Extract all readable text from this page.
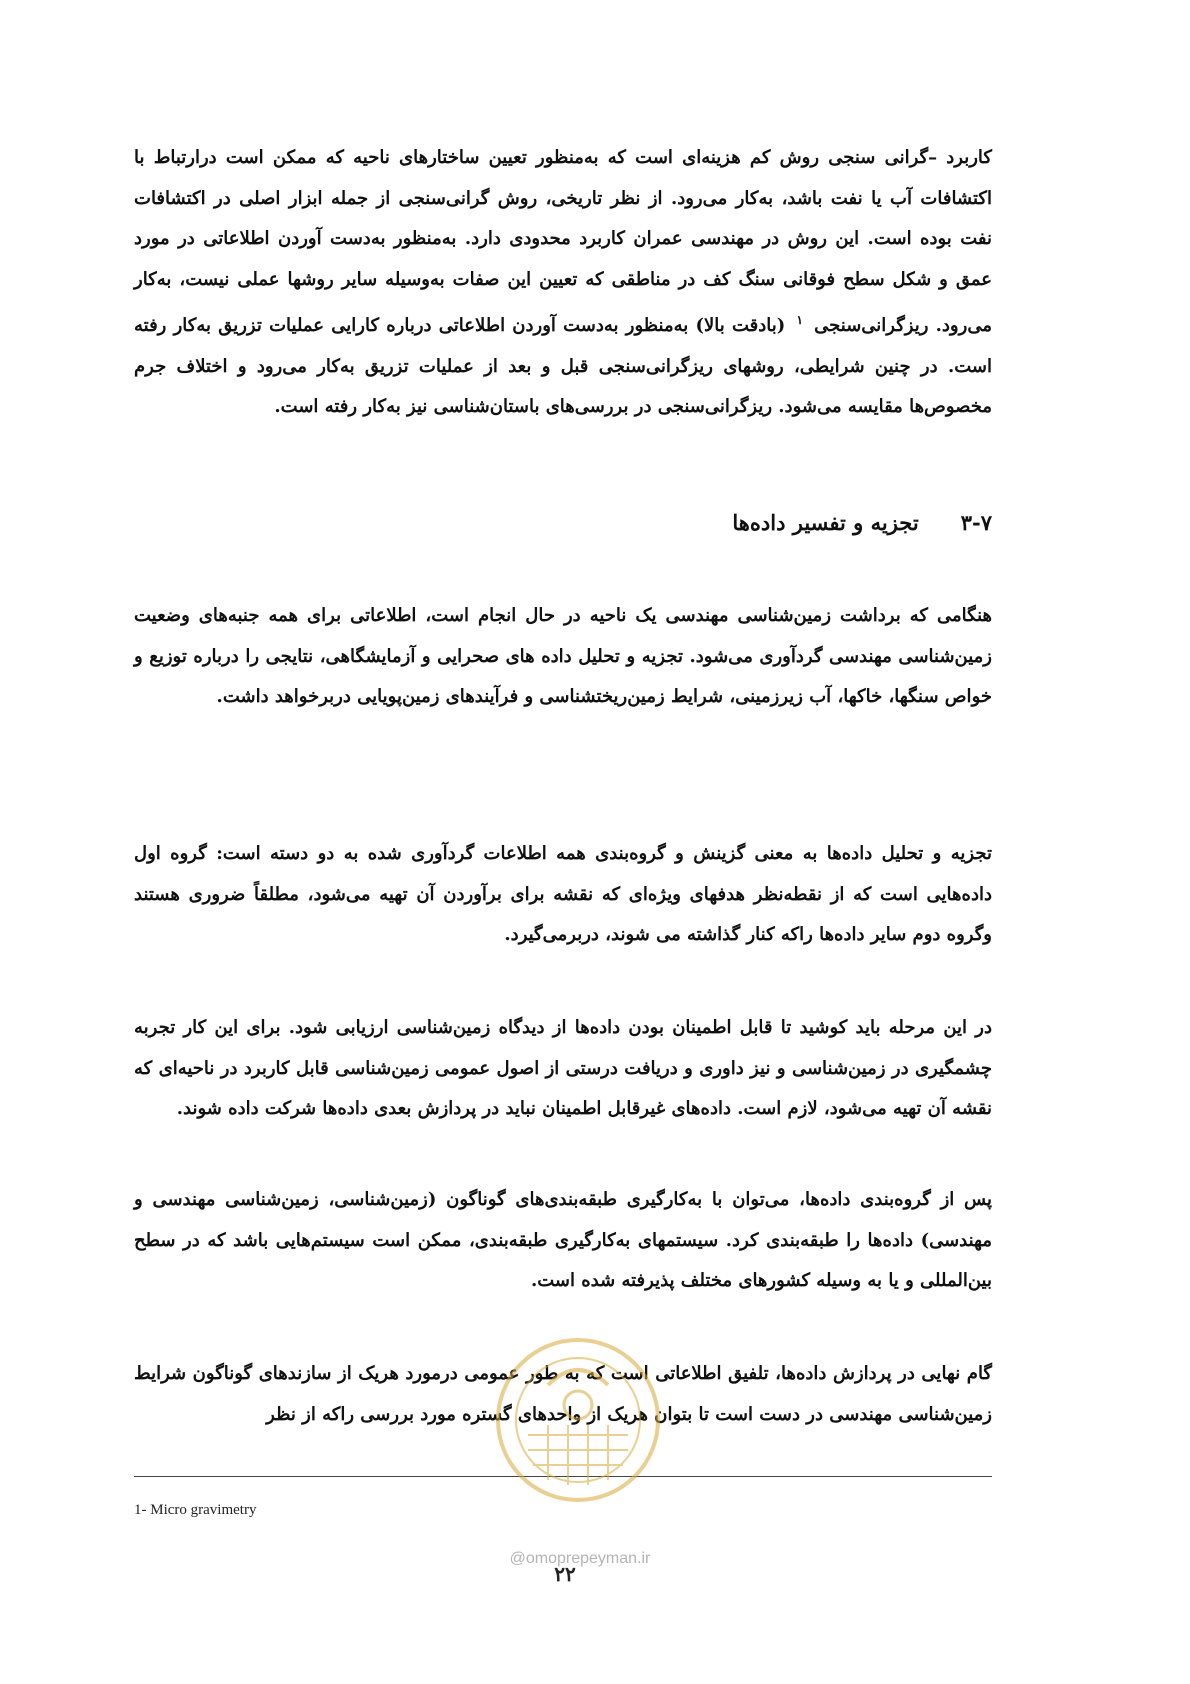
کاربرد –گرانی سنجی روش کم هزینه‌ای است که به‌منظور تعیین ساختارهای ناحیه که ممکن است درارتباط با اکتشافات آب یا نفت باشد، به‌کار می‌رود. از نظر تاریخی، روش گرانی‌سنجی از جمله ابزار اصلی در اکتشافات نفت بوده است. این روش در مهندسی عمران کاربرد محدودی دارد. به‌منظور به‌دست آوردن اطلاعاتی در مورد عمق و شکل سطح فوقانی سنگ کف در مناطقی که تعیین این صفات به‌وسیله سایر روشها عملی نیست، به‌کار می‌رود. ریزگرانی‌سنجی $^۱$ (بادقت بالا) به‌منظور به‌دست آوردن اطلاعاتی درباره کارایی عملیات تزریق به‌کار رفته است. در چنین شرایطی، روشهای ریزگرانی‌سنجی قبل و بعد از عملیات تزریق به‌کار می‌رود و اختلاف جرم مخصوص‌ها مقایسه می‌شود. ریزگرانی‌سنجی در بررسی‌های باستان‌شناسی نیز به‌کار رفته است.

۳-۷
تجزیه و تفسیر داده‌ها

هنگامی که برداشت زمین‌شناسی مهندسی یک ناحیه در حال انجام است، اطلاعاتی برای همه جنبه‌های وضعیت زمین‌شناسی مهندسی گردآوری می‌شود. تجزیه و تحلیل داده های صحرایی و آزمایشگاهی، نتایجی را درباره توزیع و خواص سنگها، خاکها، آب زیرزمینی، شرایط زمین‌ریختشناسی و فرآیندهای زمین‌پویایی دربرخواهد داشت.

تجزیه و تحلیل داده‌ها به معنی گزینش و گروه‌بندی همه اطلاعات گردآوری شده به دو دسته است: گروه اول داده‌هایی است که از نقطه‌نظر هدفهای ویژه‌ای که نقشه برای برآوردن آن تهیه می‌شود، مطلقاً ضروری هستند وگروه دوم سایر داده‌ها راکه کنار گذاشته می شوند، دربرمی‌گیرد.

در این مرحله باید کوشید تا قابل اطمینان بودن داده‌ها از دیدگاه زمین‌شناسی ارزیابی شود. برای این کار تجربه چشمگیری در زمین‌شناسی و نیز داوری و دریافت درستی از اصول عمومی زمین‌شناسی قابل کاربرد در ناحیه‌ای که نقشه آن تهیه می‌شود، لازم است. داده‌های غیرقابل اطمینان نباید در پردازش بعدی داده‌ها شرکت داده شوند.

پس از گروه‌بندی داده‌ها، می‌توان با به‌کارگیری طبقه‌بندی‌های گوناگون (زمین‌شناسی، زمین‌شناسی مهندسی و مهندسی) داده‌ها را طبقه‌بندی کرد. سیستمهای به‌کارگیری طبقه‌بندی، ممکن است سیستم‌هایی باشد که در سطح بین‌المللی و یا به وسیله کشورهای مختلف پذیرفته شده است.

گام نهایی در پردازش داده‌ها، تلفیق اطلاعاتی است که به طور عمومی درمورد هریک از سازندهای گوناگون شرایط زمین‌شناسی مهندسی در دست است تا بتوان هریک از واحدهای گستره مورد بررسی راکه از نظر

1- Micro gravimetry
@omoprepeyman.ir
۲۲
